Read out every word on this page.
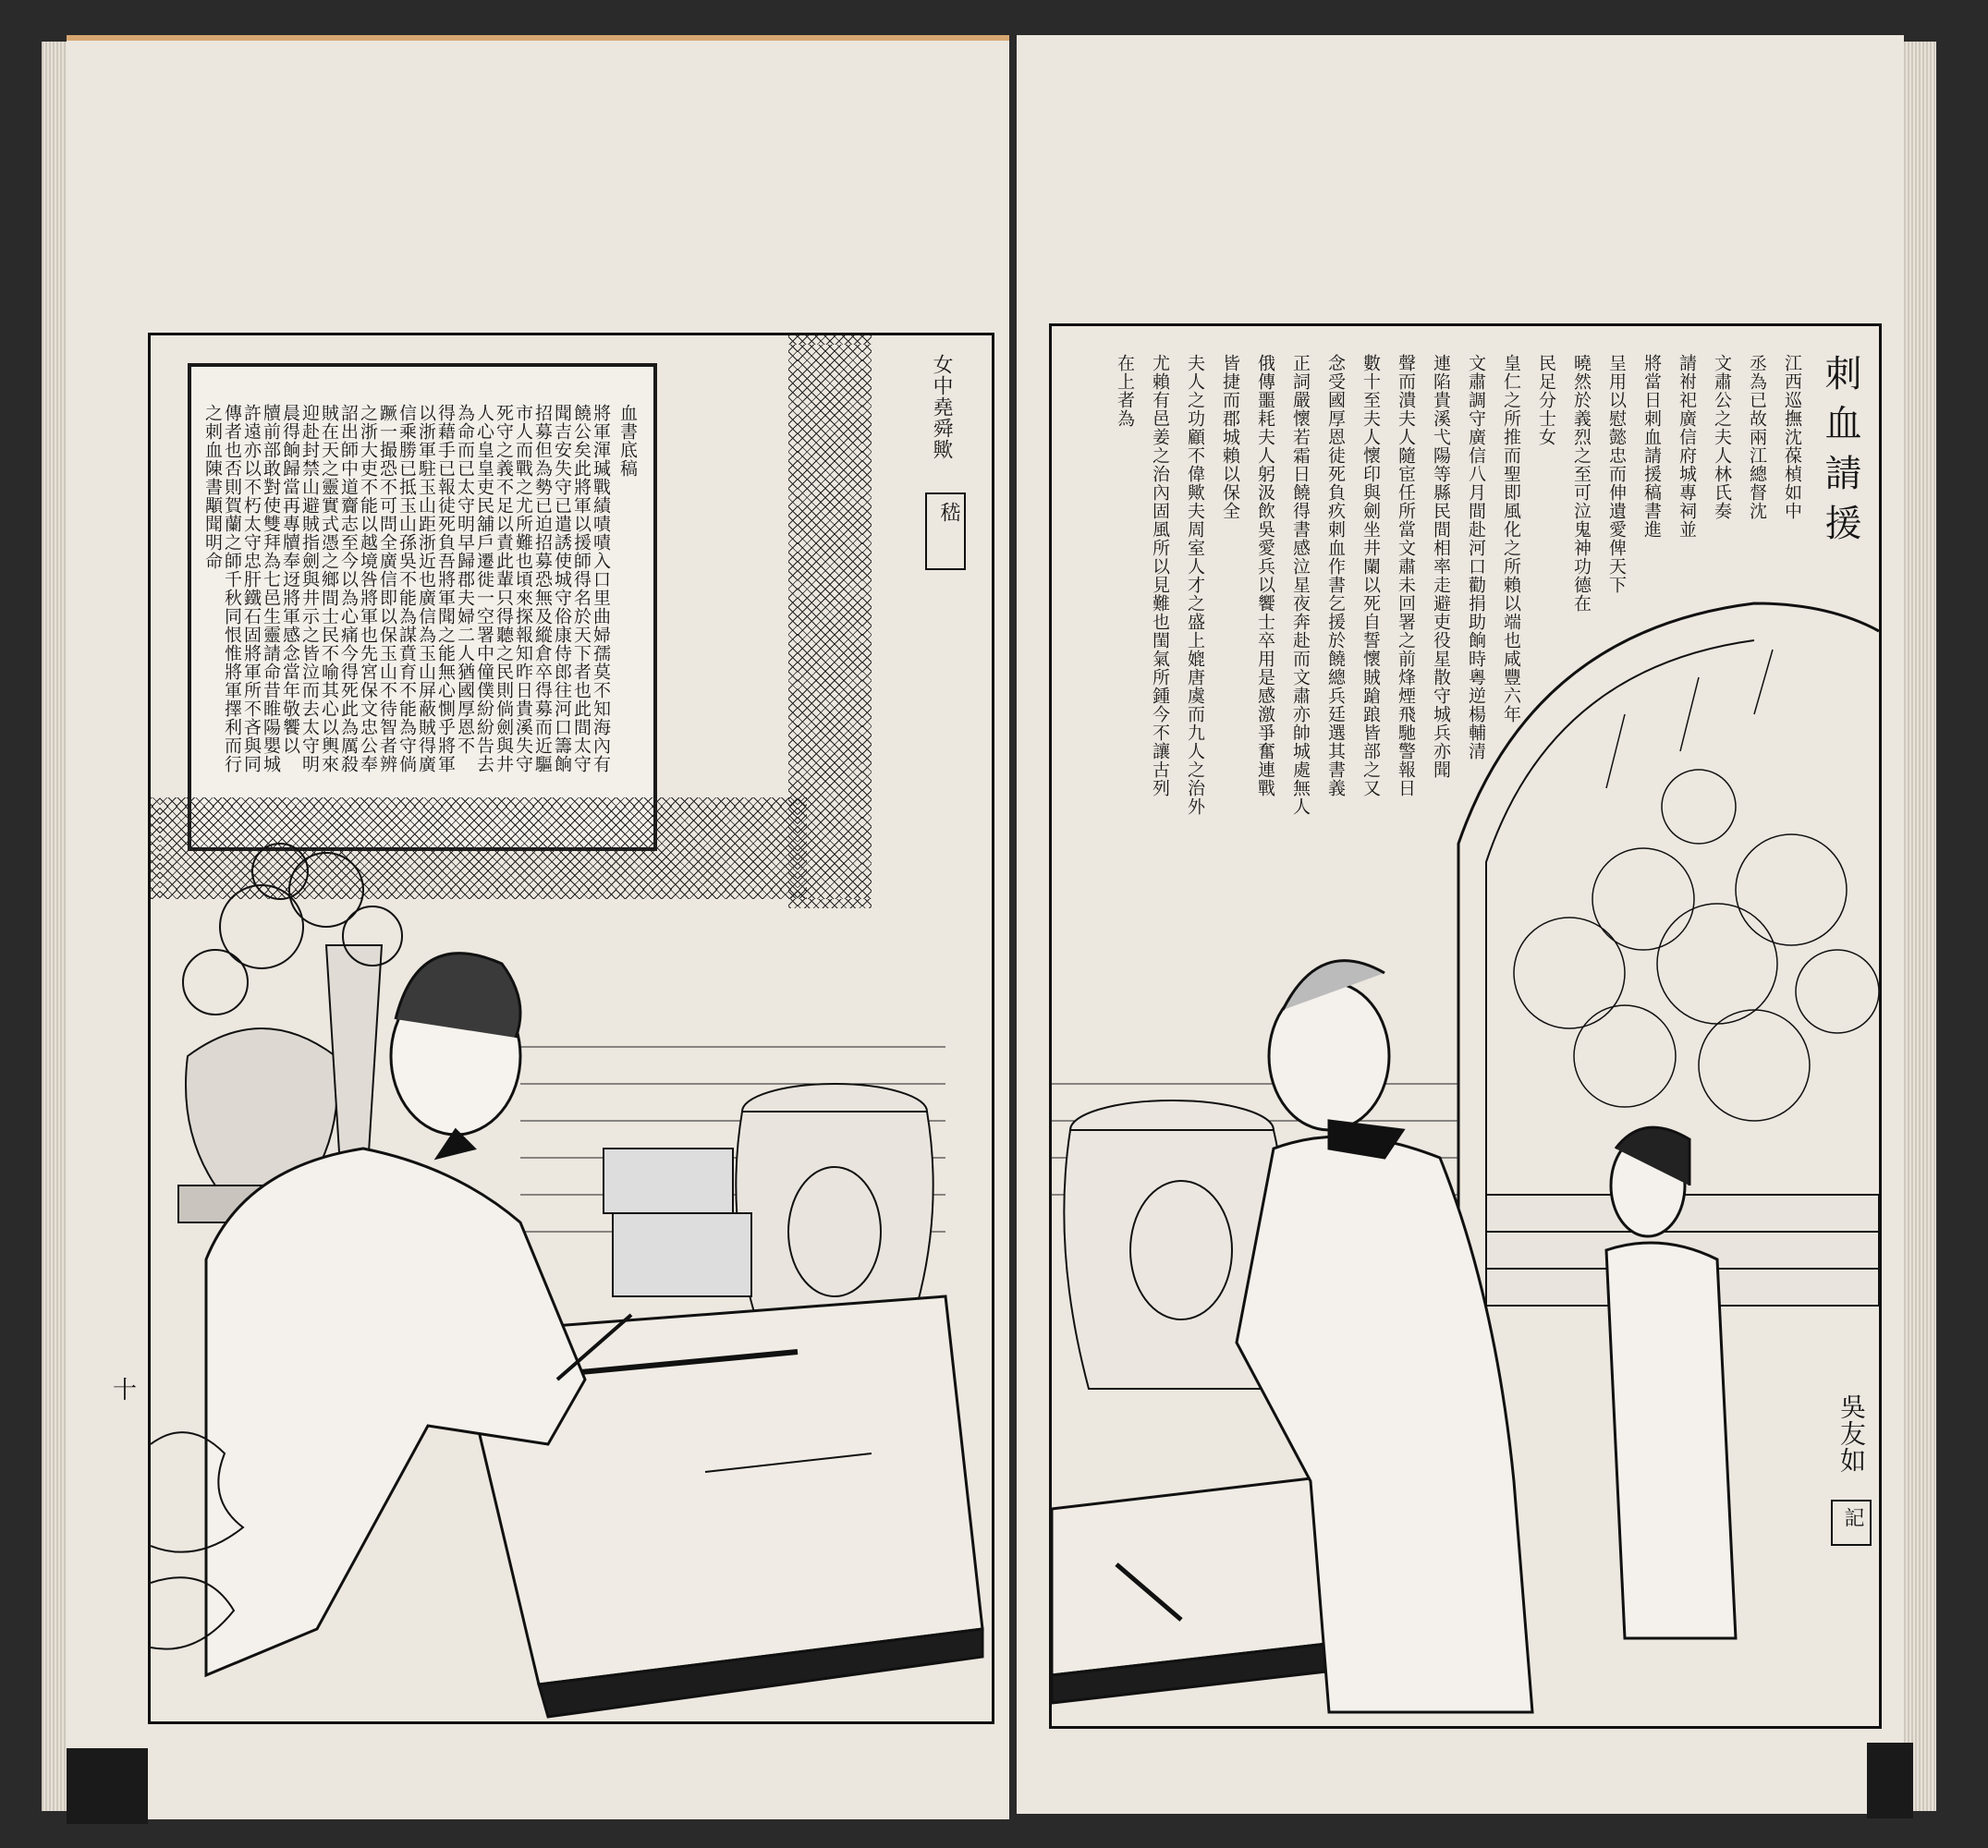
十
血書底稿
將軍渾瑊戰績嘖嘖入口里曲婦孺莫不知海內有
饒公矣此將軍以援師得名於天下者也此間太守
聞吉安失守已遣誘使城守俗康侍郎往河口籌餉
招募但為勢已迫招募恐無及縱倉卒得募而近驅
市人而戰之尤所難也頃來探報知昨日貴溪失守
死守之義不足以責此輩只得聽之民則倘劍與井
人心皇皇吏民舖戶遷徙一空署中僮僕紛紛告去
為命而已太守明早歸郡夫婦二人猶國厚恩不
得藉手已報徒死負吾將軍聞之能無心惻乎將軍
以浙軍駐玉山距浙近也廣信為玉山屏蔽賊得廣
信乘勝已抵玉山孫吳不能為謀賁育不能為守倘
蹶一撮恐不可問全廣信即以保玉山不待智者辨
之浙大吏不能以越境咎將軍也先宮保文忠公奉
詔出師中道齎志至今以為心痛今得死此為厲殺
賊在天之靈實式憑之鄉間士民不喻其心以輿來
迎赴封禁山避賊指劍與井示之皆泣而去太守明
晨得餉歸當再專牘奉迓將軍感念當年敬饗以
牘前部敢對使雙拜為七邑生靈請命昔睢陽嬰城
許遠亦以不朽太守忠肝鐵石固將軍所不吝與同
傳者也否則賀蘭之師千秋同恨惟將軍擇利而行
之刺血陳書顒聞明命	女中堯舜歟
嵇	刺血請援
江西巡撫沈葆楨如中
丞為已故兩江總督沈
文肅公之夫人林氏奏
請祔祀廣信府城專祠並
將當日刺血請援稿書進
呈用以慰懿忠而伸遺愛俾天下
曉然於義烈之至可泣鬼神功德在
民足分士女
皇仁之所推而聖即風化之所賴以端也咸豐六年
文肅調守廣信八月間赴河口勸捐助餉時粵逆楊輔清
連陷貴溪弋陽等縣民間相率走避吏役星散守城兵亦聞
聲而潰夫人隨宦任所當文肅未回署之前烽煙飛馳警報日
數十至夫人懷印與劍坐井闌以死自誓懷賊蹌踉皆部之又
念受國厚恩徒死負疚刺血作書乞援於饒總兵廷選其書義
正詞嚴懷若霜日饒得書感泣星夜奔赴而文肅亦帥城處無人
俄傳噩耗夫人躬汲飲吳愛兵以饗士卒用是感激爭奮連戰
皆捷而郡城賴以保全
夫人之功顧不偉歟夫周室人才之盛上媲唐虞而九人之治外
尤賴有邑姜之治內固風所以見難也閨氣所鍾今不讓古列
在上者為
吳友如
記
